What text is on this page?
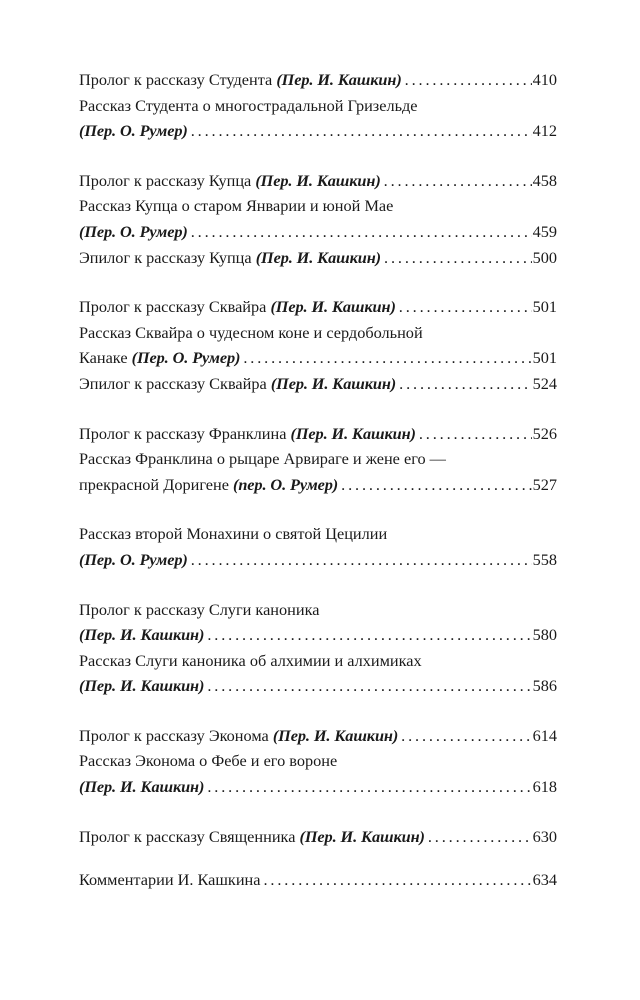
Пролог к рассказу Студента (Пер. И. Кашкин) . . .	410
Рассказ Студента о многострадальной Гризельде
(Пер. О. Румер) . . .	412
Пролог к рассказу Купца (Пер. И. Кашкин) . . .	458
Рассказ Купца о старом Январии и юной Мае
(Пер. О. Румер) . . .	459
Эпилог к рассказу Купца (Пер. И. Кашкин) . . .	500
Пролог к рассказу Сквайра (Пер. И. Кашкин) . . .	501
Рассказ Сквайра о чудесном коне и сердобольной
Канаке (Пер. О. Румер) . . .	501
Эпилог к рассказу Сквайра (Пер. И. Кашкин) . . .	524
Пролог к рассказу Франклина (Пер. И. Кашкин) . . .	526
Рассказ Франклина о рыцаре Арвираге и жене его —
прекрасной Доригене (пер. О. Румер) . . .	527
Рассказ второй Монахини о святой Цецилии
(Пер. О. Румер) . . .	558
Пролог к рассказу Слуги каноника
(Пер. И. Кашкин) . . .	580
Рассказ Слуги каноника об алхимии и алхимиках
(Пер. И. Кашкин) . . .	586
Пролог к рассказу Эконома (Пер. И. Кашкин) . . .	614
Рассказ Эконома о Фебе и его вороне
(Пер. И. Кашкин) . . .	618
Пролог к рассказу Священника (Пер. И. Кашкин) . . .	630
Комментарии И. Кашкина . . .	634
